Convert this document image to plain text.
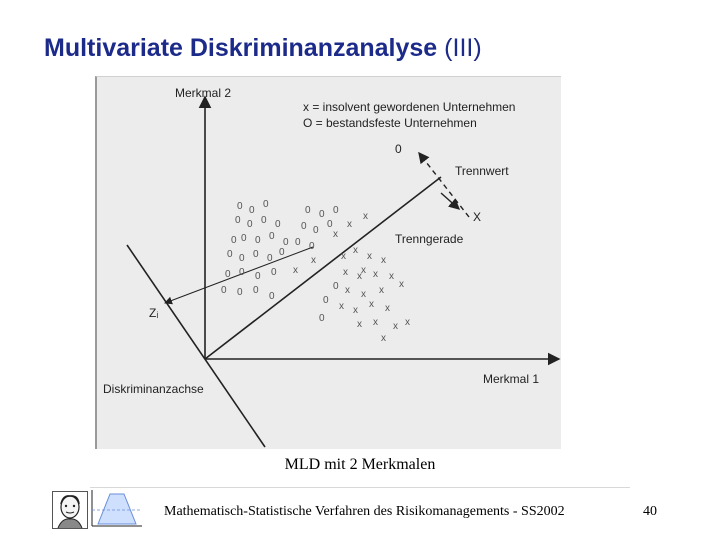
Multivariate Diskriminanzanalyse (III)
Merkmal 2
Merkmal 1
x = insolvent gewordenen Unternehmen
O = bestandsfeste Unternehmen
Trennwert
Trenngerade
Diskriminanzachse
Zᵢ
0
X
0 0
0
0 0 0 0
0 0 0 0
0
0 0 0 0
0
0 0 0 0
0 0 0
0
0 0 0
0 0
0
0 0
0
0
0
x
x
x
x
x
x
x
x x
x x x x
x x x
x
x x
x x
x x x x
x
x
MLD mit 2 Merkmalen
Mathematisch-Statistische Verfahren des Risikomanagements - SS2002	40
